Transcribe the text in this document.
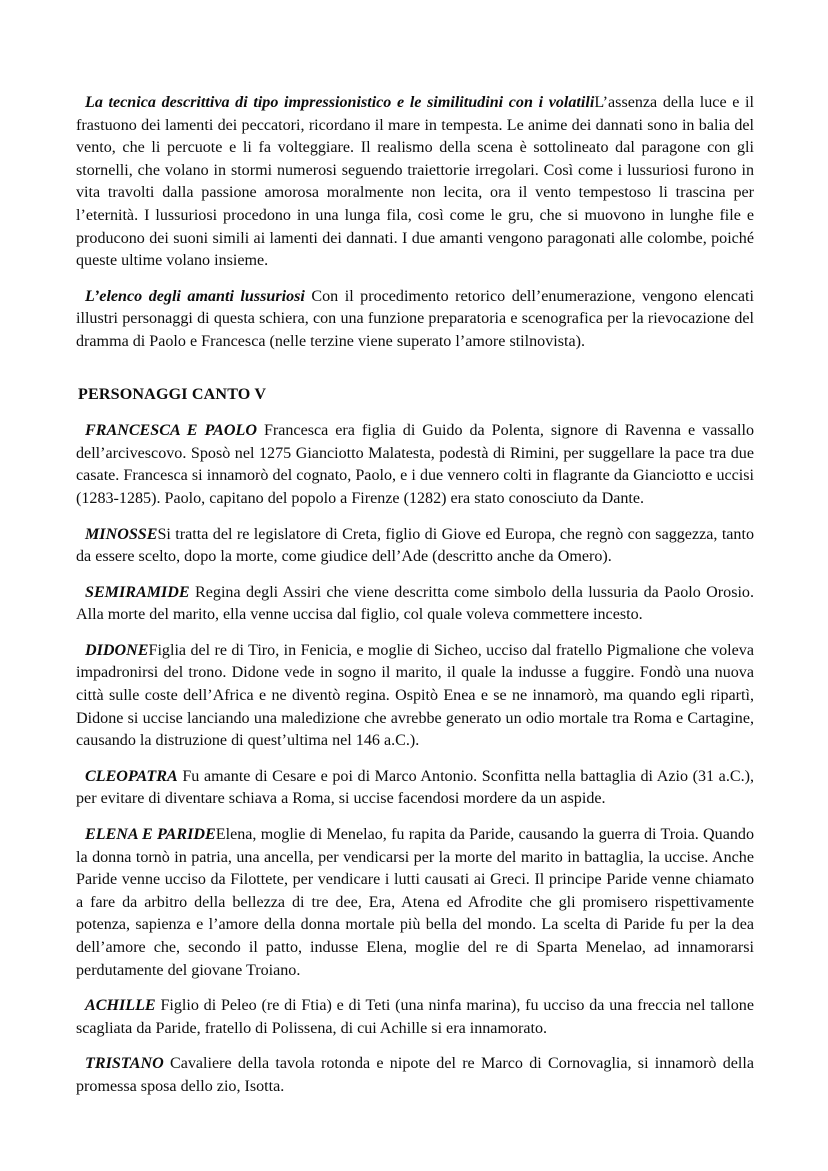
La tecnica descrittiva di tipo impressionistico e le similitudini con i volatiliL’assenza della luce e il frastuono dei lamenti dei peccatori, ricordano il mare in tempesta. Le anime dei dannati sono in balia del vento, che li percuote e li fa volteggiare. Il realismo della scena è sottolineato dal paragone con gli stornelli, che volano in stormi numerosi seguendo traiettorie irregolari. Così come i lussuriosi furono in vita travolti dalla passione amorosa moralmente non lecita, ora il vento tempestoso li trascina per l’eternità. I lussuriosi procedono in una lunga fila, così come le gru, che si muovono in lunghe file e producono dei suoni simili ai lamenti dei dannati. I due amanti vengono paragonati alle colombe, poiché queste ultime volano insieme.

L’elenco degli amanti lussuriosi Con il procedimento retorico dell’enumerazione, vengono elencati illustri personaggi di questa schiera, con una funzione preparatoria e scenografica per la rievocazione del dramma di Paolo e Francesca (nelle terzine viene superato l’amore stilnovista).

PERSONAGGI CANTO V

FRANCESCA E PAOLO Francesca era figlia di Guido da Polenta, signore di Ravenna e vassallo dell’arcivescovo. Sposò nel 1275 Gianciotto Malatesta, podestà di Rimini, per suggellare la pace tra due casate. Francesca si innamorò del cognato, Paolo, e i due vennero colti in flagrante da Gianciotto e uccisi (1283-1285). Paolo, capitano del popolo a Firenze (1282) era stato conosciuto da Dante.

MINOSSESi tratta del re legislatore di Creta, figlio di Giove ed Europa, che regnò con saggezza, tanto da essere scelto, dopo la morte, come giudice dell’Ade (descritto anche da Omero).

SEMIRAMIDE Regina degli Assiri che viene descritta come simbolo della lussuria da Paolo Orosio. Alla morte del marito, ella venne uccisa dal figlio, col quale voleva commettere incesto.

DIDONEFiglia del re di Tiro, in Fenicia, e moglie di Sicheo, ucciso dal fratello Pigmalione che voleva impadronirsi del trono. Didone vede in sogno il marito, il quale la indusse a fuggire. Fondò una nuova città sulle coste dell’Africa e ne diventò regina. Ospitò Enea e se ne innamorò, ma quando egli ripartì, Didone si uccise lanciando una maledizione che avrebbe generato un odio mortale tra Roma e Cartagine, causando la distruzione di quest’ultima nel 146 a.C.).

CLEOPATRA Fu amante di Cesare e poi di Marco Antonio. Sconfitta nella battaglia di Azio (31 a.C.), per evitare di diventare schiava a Roma, si uccise facendosi mordere da un aspide.

ELENA E PARIDEElena, moglie di Menelao, fu rapita da Paride, causando la guerra di Troia. Quando la donna tornò in patria, una ancella, per vendicarsi per la morte del marito in battaglia, la uccise. Anche Paride venne ucciso da Filottete, per vendicare i lutti causati ai Greci. Il principe Paride venne chiamato a fare da arbitro della bellezza di tre dee, Era, Atena ed Afrodite che gli promisero rispettivamente potenza, sapienza e l’amore della donna mortale più bella del mondo. La scelta di Paride fu per la dea dell’amore che, secondo il patto, indusse Elena, moglie del re di Sparta Menelao, ad innamorarsi perdutamente del giovane Troiano.

ACHILLE Figlio di Peleo (re di Ftia) e di Teti (una ninfa marina), fu ucciso da una freccia nel tallone scagliata da Paride, fratello di Polissena, di cui Achille si era innamorato.

TRISTANO Cavaliere della tavola rotonda e nipote del re Marco di Cornovaglia, si innamorò della promessa sposa dello zio, Isotta.
